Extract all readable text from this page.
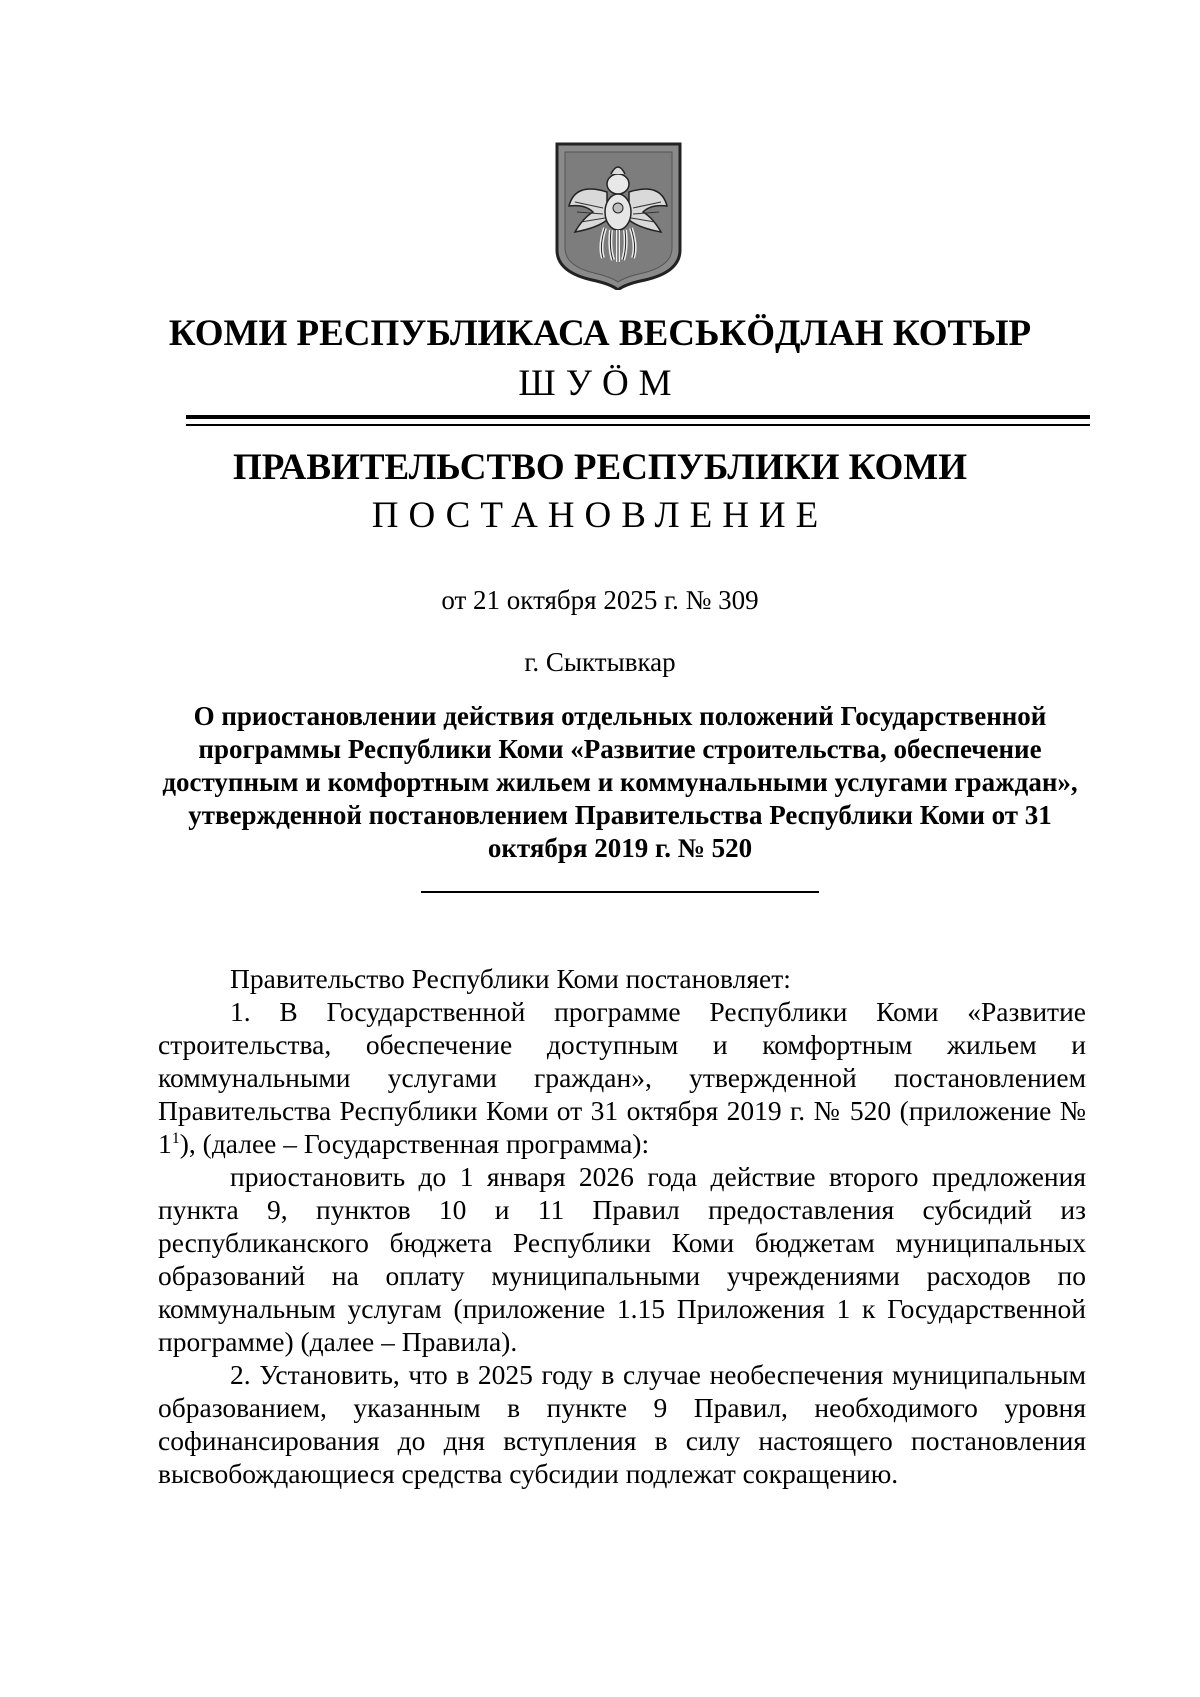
КОМИ РЕСПУБЛИКАСА ВЕСЬКӦДЛАН КОТЫР
ШУӦМ
ПРАВИТЕЛЬСТВО РЕСПУБЛИКИ КОМИ
ПОСТАНОВЛЕНИЕ
от 21 октября 2025 г. № 309
г. Сыктывкар
О приостановлении действия отдельных положений Государственной программы Республики Коми «Развитие строительства, обеспечение доступным и комфортным жильем и коммунальными услугами граждан», утвержденной постановлением Правительства Республики Коми от 31 октября 2019 г. № 520

Правительство Республики Коми постановляет:

1. В Государственной программе Республики Коми «Развитие строительства, обеспечение доступным и комфортным жильем и коммунальными услугами граждан», утвержденной постановлением Правительства Республики Коми от 31 октября 2019 г. № 520 (приложение № $1^1$), (далее – Государственная программа):

приостановить до 1 января 2026 года действие второго предложения пункта 9, пунктов 10 и 11 Правил предоставления субсидий из республиканского бюджета Республики Коми бюджетам муниципальных образований на оплату муниципальными учреждениями расходов по коммунальным услугам (приложение 1.15 Приложения 1 к Государственной программе) (далее – Правила).

2. Установить, что в 2025 году в случае необеспечения муниципальным образованием, указанным в пункте 9 Правил, необходимого уровня софинансирования до дня вступления в силу настоящего постановления высвобождающиеся средства субсидии подлежат сокращению.
